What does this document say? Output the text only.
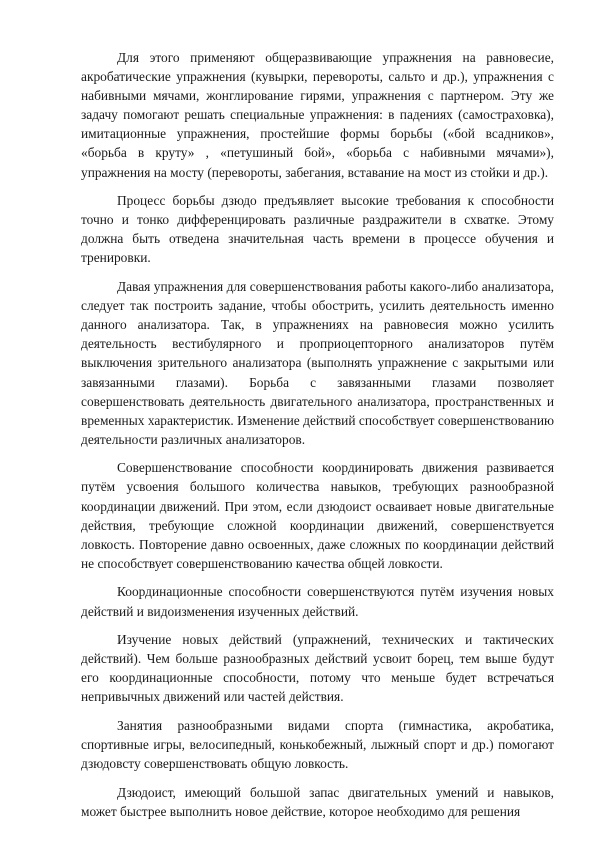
Для этого применяют общеразвивающие упражнения на равновесие, акробатические упражнения (кувырки, перевороты, сальто и др.), упражнения с набивными мячами, жонглирование гирями, упражнения с партнером. Эту же задачу помогают решать специальные упражнения: в падениях (самостраховка), имитационные упражнения, простейшие формы борьбы («бой всадников», «борьба в круту» , «петушиный бой», «борьба с набивными мячами»), упражнения на мосту (перевороты, забегания, вставание на мост из стойки и др.).

Процесс борьбы дзюдо предъявляет высокие требования к способности точно и тонко дифференцировать различные раздражители в схватке. Этому должна быть отведена значительная часть времени в процессе обучения и тренировки.

Давая упражнения для совершенствования работы какого-либо анализатора, следует так построить задание, чтобы обострить, усилить деятельность именно данного анализатора. Так, в упражнениях на равновесия можно усилить деятельность вестибулярного и проприоцепторного анализаторов путём выключения зрительного анализатора (выполнять упражнение с закрытыми или завязанными глазами). Борьба с завязанными глазами позволяет совершенствовать деятельность двигательного анализатора, пространственных и временных характеристик. Изменение действий способствует совершенствованию деятельности различных анализаторов.

Совершенствование способности координировать движения развивается путём усвоения большого количества навыков, требующих разнообразной координации движений. При этом, если дзюдоист осваивает новые двигательные действия, требующие сложной координации движений, совершенствуется ловкость. Повторение давно освоенных, даже сложных по координации действий не способствует совершенствованию качества общей ловкости.

Координационные способности совершенствуются путём изучения новых действий и видоизменения изученных действий.

Изучение новых действий (упражнений, технических и тактических действий). Чем больше разнообразных действий усвоит борец, тем выше будут его координационные способности, потому что меньше будет встречаться непривычных движений или частей действия.

Занятия разнообразными видами спорта (гимнастика, акробатика, спортивные игры, велосипедный, конькобежный, лыжный спорт и др.) помогают дзюдовсту совершенствовать общую ловкость.

Дзюдоист, имеющий большой запас двигательных умений и навыков, может быстрее выполнить новое действие, которое необходимо для решения
